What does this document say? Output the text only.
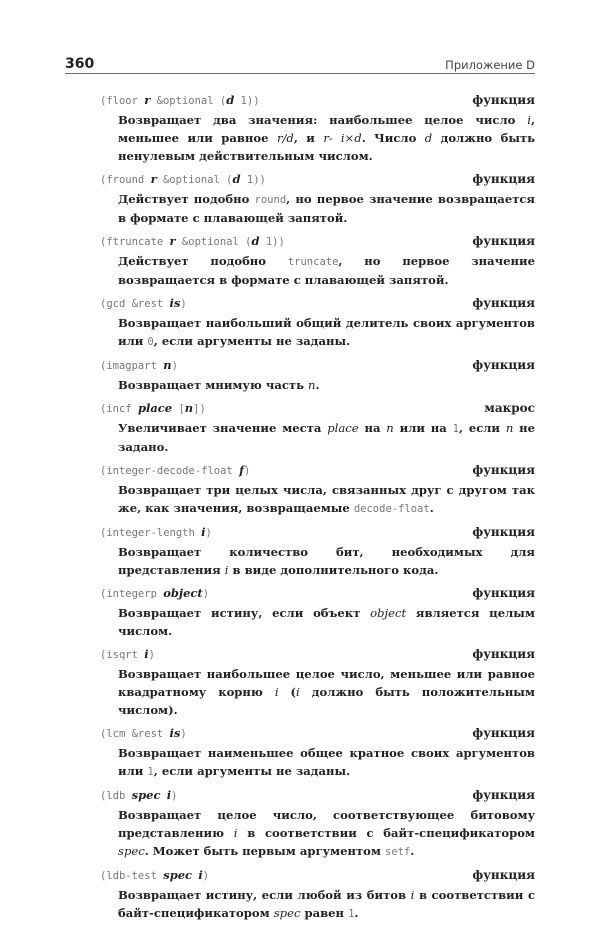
360	Приложение D
(floor r &optional (d 1))	функция
Возвращает два значения: наибольшее целое число i, меньшее или равное r/d, и r- i×d. Число d должно быть ненулевым действительным числом.
(fround r &optional (d 1))	функция
Действует подобно round, но первое значение возвращается в формате с плавающей запятой.
(ftruncate r &optional (d 1))	функция
Действует подобно truncate, но первое значение возвращается в формате с плавающей запятой.
(gcd &rest is)	функция
Возвращает наибольший общий делитель своих аргументов или 0, если аргументы не заданы.
(imagpart n)	функция
Возвращает мнимую часть n.
(incf place [n])	макрос
Увеличивает значение места place на n или на 1, если n не задано.
(integer-decode-float f)	функция
Возвращает три целых числа, связанных друг с другом так же, как значения, возвращаемые decode-float.
(integer-length i)	функция
Возвращает количество бит, необходимых для представления i в виде дополнительного кода.
(integerp object)	функция
Возвращает истину, если объект object является целым числом.
(isqrt i)	функция
Возвращает наибольшее целое число, меньшее или равное квадратному корню i (i должно быть положительным числом).
(lcm &rest is)	функция
Возвращает наименьшее общее кратное своих аргументов или 1, если аргументы не заданы.
(ldb spec i)	функция
Возвращает целое число, соответствующее битовому представлению i в соответствии с байт-спецификатором spec. Может быть первым аргументом setf.
(ldb-test spec i)	функция
Возвращает истину, если любой из битов i в соответствии с байт-спецификатором spec равен 1.
